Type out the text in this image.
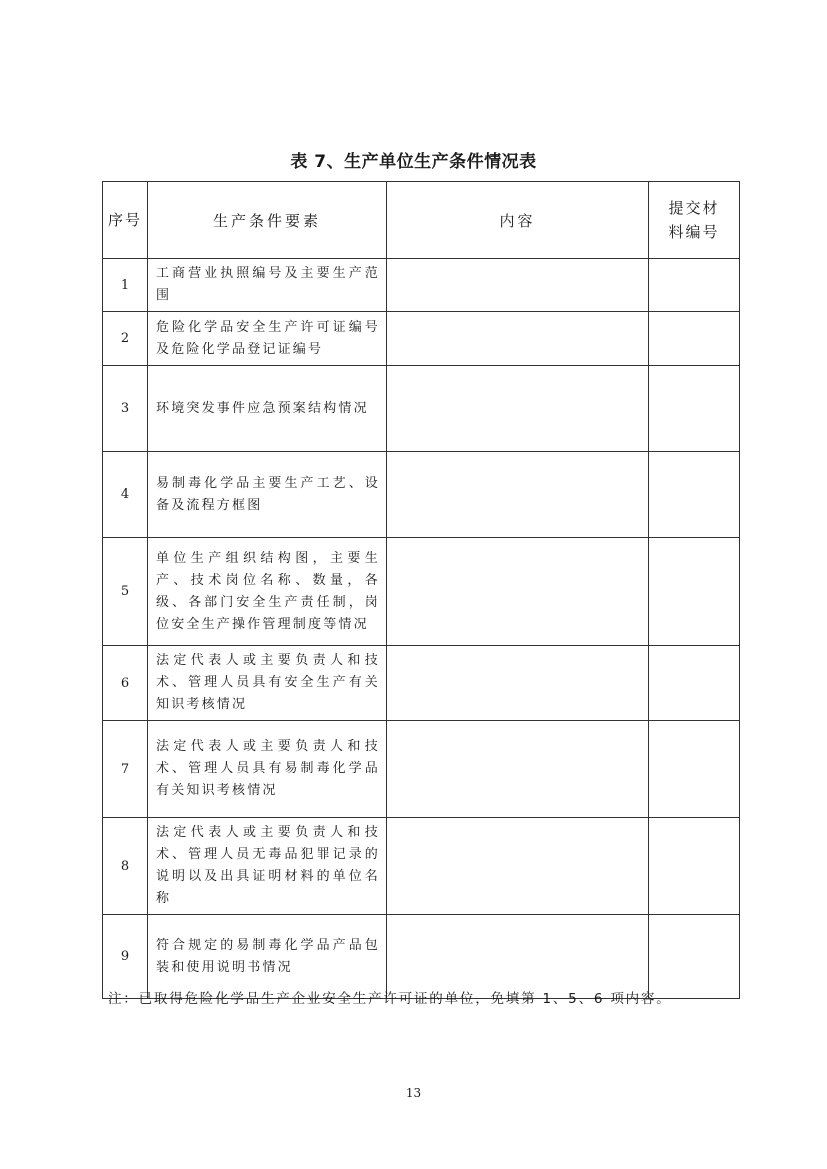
表 7、生产单位生产条件情况表
序号	生产条件要素	内容	提交材料编号
1	工商营业执照编号及主要生产范围		
2	危险化学品安全生产许可证编号及危险化学品登记证编号		
3	环境突发事件应急预案结构情况		
4	易制毒化学品主要生产工艺、设备及流程方框图		
5	单位生产组织结构图，主要生产、技术岗位名称、数量，各级、各部门安全生产责任制，岗位安全生产操作管理制度等情况		
6	法定代表人或主要负责人和技术、管理人员具有安全生产有关知识考核情况		
7	法定代表人或主要负责人和技术、管理人员具有易制毒化学品有关知识考核情况		
8	法定代表人或主要负责人和技术、管理人员无毒品犯罪记录的说明以及出具证明材料的单位名称		
9	符合规定的易制毒化学品产品包装和使用说明书情况		
注：已取得危险化学品生产企业安全生产许可证的单位，免填第 1、5、6 项内容。
13
